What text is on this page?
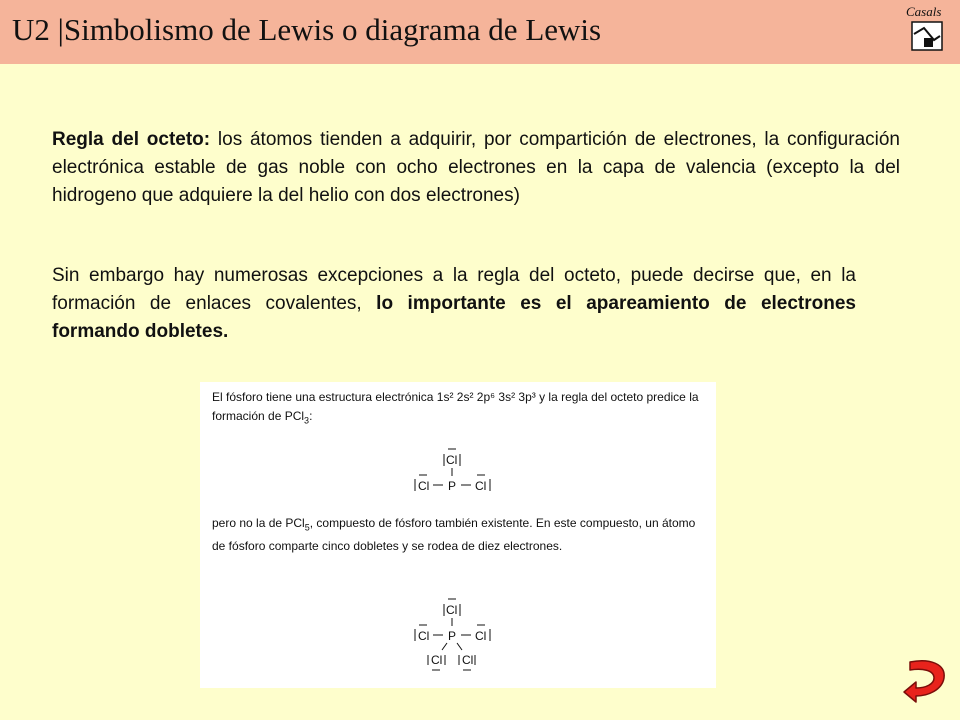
U2 |Simbolismo de Lewis o diagrama de Lewis
Casals
Regla del octeto: los átomos tienden a adquirir, por compartición de electrones, la configuración electrónica estable de gas noble con ocho electrones en la capa de valencia (excepto la del hidrogeno que adquiere la del helio con dos electrones)
Sin embargo hay numerosas excepciones a la regla del octeto, puede decirse que, en la formación de enlaces covalentes, lo importante es el apareamiento de electrones formando dobletes.
El fósforo tiene una estructura electrónica 1s² 2s² 2p⁶ 3s² 3p³ y la regla del octeto predice la formación de PCl$_3$:
pero no la de PCl$_5$, compuesto de fósforo también existente. En este compuesto, un átomo de fósforo comparte cinco dobletes y se rodea de diez electrones.
Cl
Cl P Cl
Cl
Cl P Cl
Cl Cl
